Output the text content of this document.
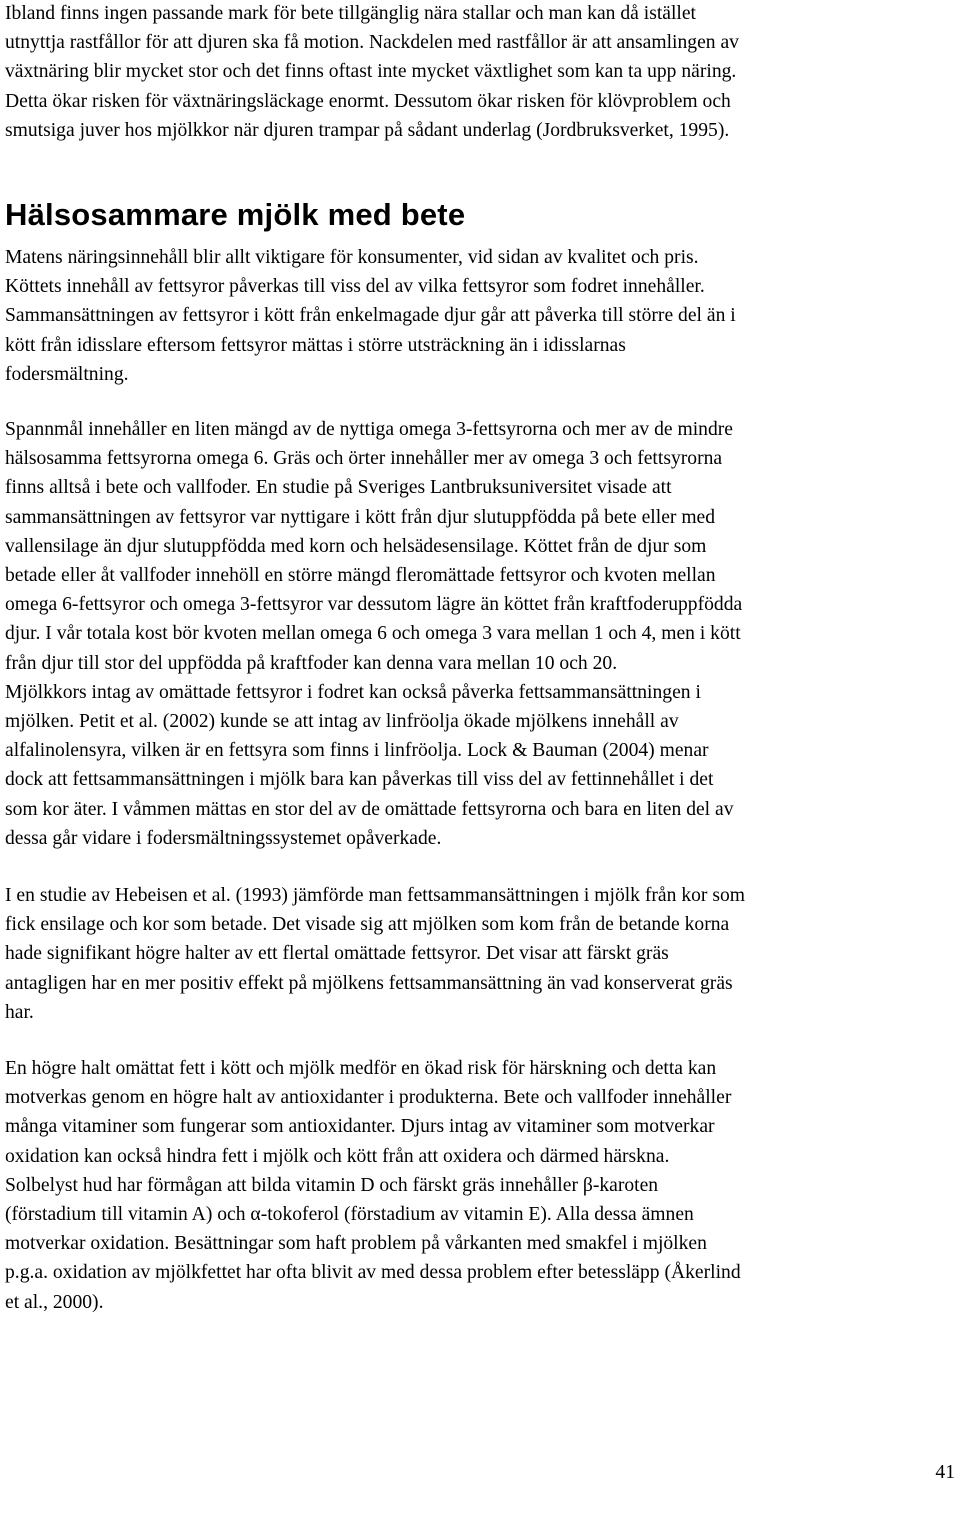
Ibland finns ingen passande mark för bete tillgänglig nära stallar och man kan då istället
utnyttja rastfållor för att djuren ska få motion. Nackdelen med rastfållor är att ansamlingen av
växtnäring blir mycket stor och det finns oftast inte mycket växtlighet som kan ta upp näring.
Detta ökar risken för växtnäringsläckage enormt. Dessutom ökar risken för klövproblem och
smutsiga juver hos mjölkkor när djuren trampar på sådant underlag (Jordbruksverket, 1995).

Hälsosammare mjölk med bete

Matens näringsinnehåll blir allt viktigare för konsumenter, vid sidan av kvalitet och pris.
Köttets innehåll av fettsyror påverkas till viss del av vilka fettsyror som fodret innehåller.
Sammansättningen av fettsyror i kött från enkelmagade djur går att påverka till större del än i
kött från idisslare eftersom fettsyror mättas i större utsträckning än i idisslarnas
fodersmältning.

Spannmål innehåller en liten mängd av de nyttiga omega 3-fettsyrorna och mer av de mindre
hälsosamma fettsyrorna omega 6. Gräs och örter innehåller mer av omega 3 och fettsyrorna
finns alltså i bete och vallfoder. En studie på Sveriges Lantbruksuniversitet visade att
sammansättningen av fettsyror var nyttigare i kött från djur slutuppfödda på bete eller med
vallensilage än djur slutuppfödda med korn och helsädesensilage. Köttet från de djur som
betade eller åt vallfoder innehöll en större mängd fleromättade fettsyror och kvoten mellan
omega 6-fettsyror och omega 3-fettsyror var dessutom lägre än köttet från kraftfoderuppfödda
djur. I vår totala kost bör kvoten mellan omega 6 och omega 3 vara mellan 1 och 4, men i kött
från djur till stor del uppfödda på kraftfoder kan denna vara mellan 10 och 20.
Mjölkkors intag av omättade fettsyror i fodret kan också påverka fettsammansättningen i
mjölken. Petit et al. (2002) kunde se att intag av linfröolja ökade mjölkens innehåll av
alfalinolensyra, vilken är en fettsyra som finns i linfröolja. Lock & Bauman (2004) menar
dock att fettsammansättningen i mjölk bara kan påverkas till viss del av fettinnehållet i det
som kor äter. I våmmen mättas en stor del av de omättade fettsyrorna och bara en liten del av
dessa går vidare i fodersmältningssystemet opåverkade.

I en studie av Hebeisen et al. (1993) jämförde man fettsammansättningen i mjölk från kor som
fick ensilage och kor som betade. Det visade sig att mjölken som kom från de betande korna
hade signifikant högre halter av ett flertal omättade fettsyror. Det visar att färskt gräs
antagligen har en mer positiv effekt på mjölkens fettsammansättning än vad konserverat gräs
har.

En högre halt omättat fett i kött och mjölk medför en ökad risk för härskning och detta kan
motverkas genom en högre halt av antioxidanter i produkterna. Bete och vallfoder innehåller
många vitaminer som fungerar som antioxidanter. Djurs intag av vitaminer som motverkar
oxidation kan också hindra fett i mjölk och kött från att oxidera och därmed härskna.
Solbelyst hud har förmågan att bilda vitamin D och färskt gräs innehåller β-karoten
(förstadium till vitamin A) och α-tokoferol (förstadium av vitamin E). Alla dessa ämnen
motverkar oxidation. Besättningar som haft problem på vårkanten med smakfel i mjölken
p.g.a. oxidation av mjölkfettet har ofta blivit av med dessa problem efter betessläpp (Åkerlind
et al., 2000).

41
